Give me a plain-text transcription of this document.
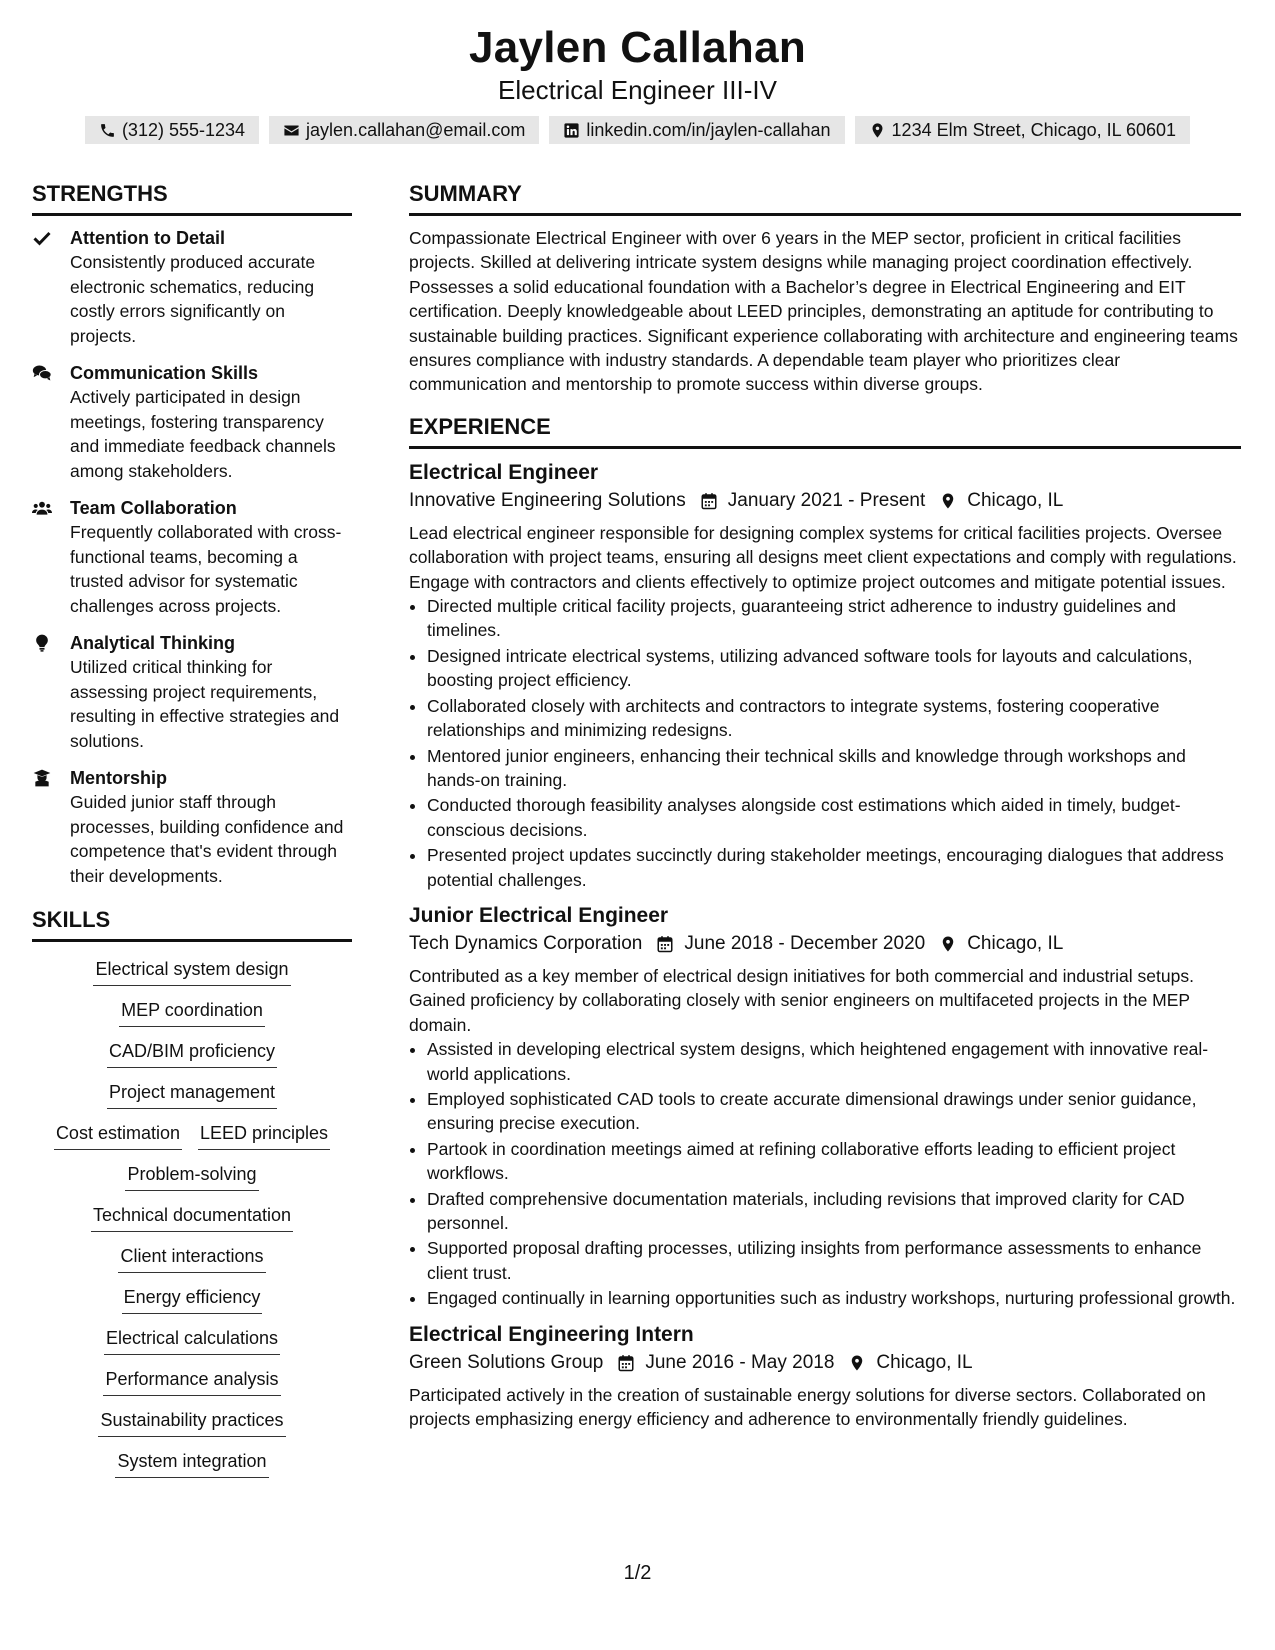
Jaylen Callahan
Electrical Engineer III-IV
(312) 555-1234	jaylen.callahan@email.com	linkedin.com/in/jaylen-callahan	1234 Elm Street, Chicago, IL 60601
STRENGTHS
Attention to Detail
Consistently produced accurate electronic schematics, reducing costly errors significantly on projects.
Communication Skills
Actively participated in design meetings, fostering transparency and immediate feedback channels among stakeholders.
Team Collaboration
Frequently collaborated with cross-functional teams, becoming a trusted advisor for systematic challenges across projects.
Analytical Thinking
Utilized critical thinking for assessing project requirements, resulting in effective strategies and solutions.
Mentorship
Guided junior staff through processes, building confidence and competence that's evident through their developments.
SKILLS
Electrical system design
MEP coordination
CAD/BIM proficiency
Project management
Cost estimation LEED principles
Problem-solving
Technical documentation
Client interactions
Energy efficiency
Electrical calculations
Performance analysis
Sustainability practices
System integration
SUMMARY
Compassionate Electrical Engineer with over 6 years in the MEP sector, proficient in critical facilities projects. Skilled at delivering intricate system designs while managing project coordination effectively. Possesses a solid educational foundation with a Bachelor’s degree in Electrical Engineering and EIT certification. Deeply knowledgeable about LEED principles, demonstrating an aptitude for contributing to sustainable building practices. Significant experience collaborating with architecture and engineering teams ensures compliance with industry standards. A dependable team player who prioritizes clear communication and mentorship to promote success within diverse groups.
EXPERIENCE
Electrical Engineer
Innovative Engineering Solutions January 2021 - Present Chicago, IL
Lead electrical engineer responsible for designing complex systems for critical facilities projects. Oversee collaboration with project teams, ensuring all designs meet client expectations and comply with regulations. Engage with contractors and clients effectively to optimize project outcomes and mitigate potential issues.
• Directed multiple critical facility projects, guaranteeing strict adherence to industry guidelines and timelines.
• Designed intricate electrical systems, utilizing advanced software tools for layouts and calculations, boosting project efficiency.
• Collaborated closely with architects and contractors to integrate systems, fostering cooperative relationships and minimizing redesigns.
• Mentored junior engineers, enhancing their technical skills and knowledge through workshops and hands-on training.
• Conducted thorough feasibility analyses alongside cost estimations which aided in timely, budget-conscious decisions.
• Presented project updates succinctly during stakeholder meetings, encouraging dialogues that address potential challenges.
Junior Electrical Engineer
Tech Dynamics Corporation June 2018 - December 2020 Chicago, IL
Contributed as a key member of electrical design initiatives for both commercial and industrial setups. Gained proficiency by collaborating closely with senior engineers on multifaceted projects in the MEP domain.
• Assisted in developing electrical system designs, which heightened engagement with innovative real-world applications.
• Employed sophisticated CAD tools to create accurate dimensional drawings under senior guidance, ensuring precise execution.
• Partook in coordination meetings aimed at refining collaborative efforts leading to efficient project workflows.
• Drafted comprehensive documentation materials, including revisions that improved clarity for CAD personnel.
• Supported proposal drafting processes, utilizing insights from performance assessments to enhance client trust.
• Engaged continually in learning opportunities such as industry workshops, nurturing professional growth.
Electrical Engineering Intern
Green Solutions Group June 2016 - May 2018 Chicago, IL
Participated actively in the creation of sustainable energy solutions for diverse sectors. Collaborated on projects emphasizing energy efficiency and adherence to environmentally friendly guidelines.
1/2
